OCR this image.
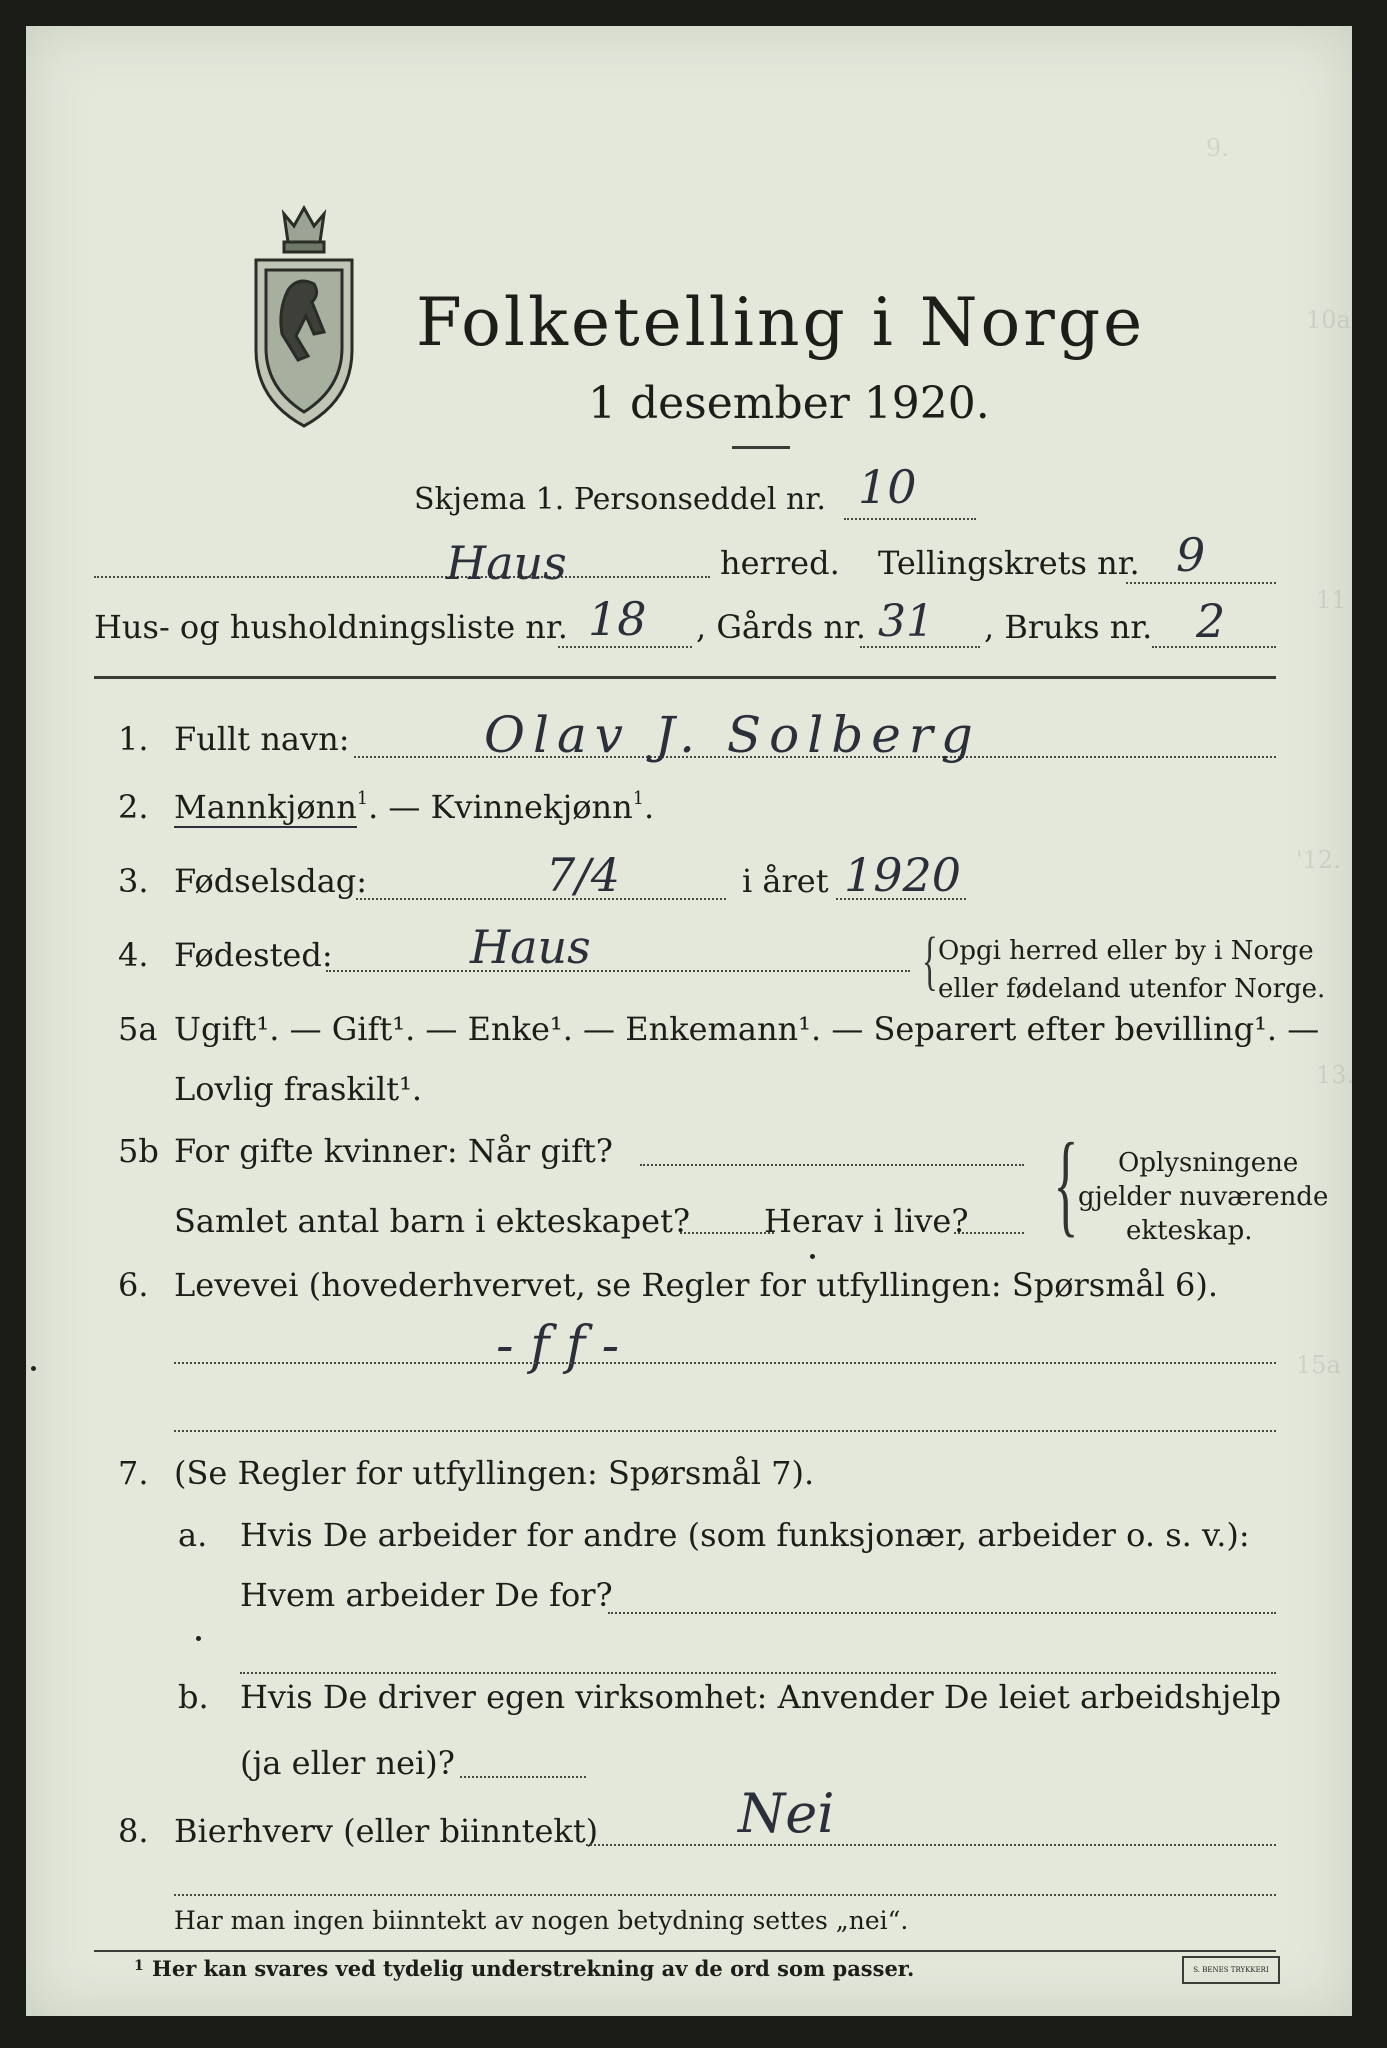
9.
10a
11
'12.
13.
15a
Folketelling i Norge
1 desember 1920.
Skjema 1. Personseddel nr. 10
Haus	herred. Tellingskrets nr. 9
Hus- og husholdningsliste nr. 18 , Gårds nr. 31 , Bruks nr. 2
1. Fullt navn:	Olav J. Solberg
2. Mannkjønn$^1$. — Kvinnekjønn$^1$.
3. Fødselsdag:	7/4	i året 1920
4. Fødested:	Haus	{ Opgi herred eller by i Norge
eller fødeland utenfor Norge.
5a Ugift¹. — Gift¹. — Enke¹. — Enkemann¹. — Separert efter bevilling¹. —
Lovlig fraskilt¹.
5b For gifte kvinner: Når gift?
Samlet antal barn i ekteskapet? Herav i live? { Oplysningene
gjelder nuværende
ekteskap.
6. Levevei (hovederhvervet, se Regler for utfyllingen: Spørsmål 6).
- f f -
7. (Se Regler for utfyllingen: Spørsmål 7).
a. Hvis De arbeider for andre (som funksjonær, arbeider o. s. v.):
Hvem arbeider De for?
b. Hvis De driver egen virksomhet: Anvender De leiet arbeidshjelp
(ja eller nei)?
8. Bierhverv (eller biinntekt)	Nei
Har man ingen biinntekt av nogen betydning settes „nei“.
1 Her kan svares ved tydelig understrekning av de ord som passer.	S. BENES TRYKKERI
